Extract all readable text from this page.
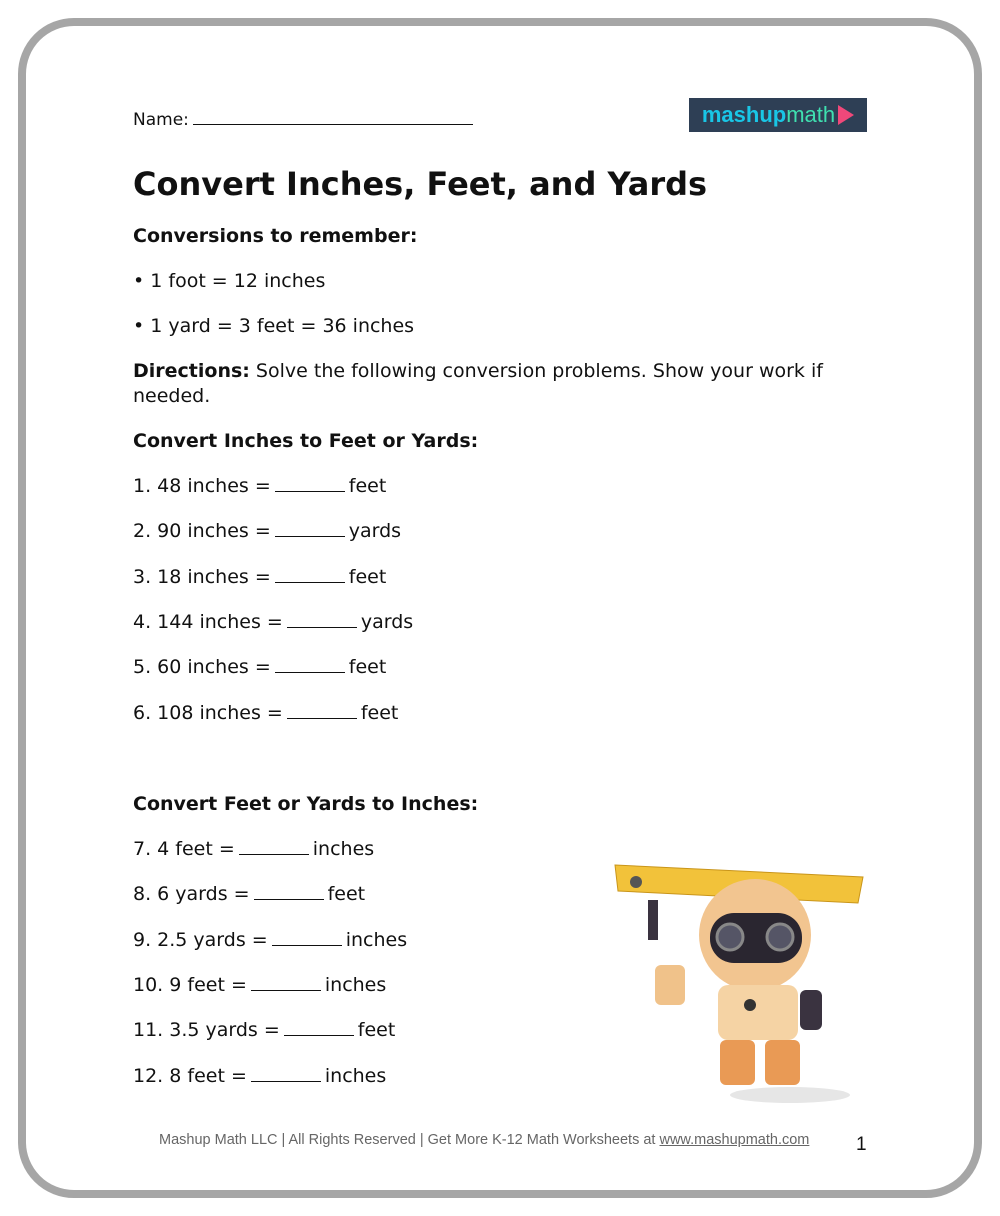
Name:	mashup math
Convert Inches, Feet, and Yards
Conversions to remember:
• 1 foot = 12 inches
• 1 yard = 3 feet = 36 inches
Directions: Solve the following conversion problems. Show your work if
needed.
Convert Inches to Feet or Yards:
1. 48 inches =	feet
2. 90 inches =	yards
3. 18 inches =	feet
4. 144 inches =	yards
5. 60 inches =	feet
6. 108 inches =	feet
Convert Feet or Yards to Inches:
7. 4 feet =	inches
8. 6 yards =	feet
9. 2.5 yards =	inches
10. 9 feet =	inches
11. 3.5 yards =	feet
12. 8 feet =	inches
Mashup Math LLC | All Rights Reserved | Get More K-12 Math Worksheets at www.mashupmath.com 1
